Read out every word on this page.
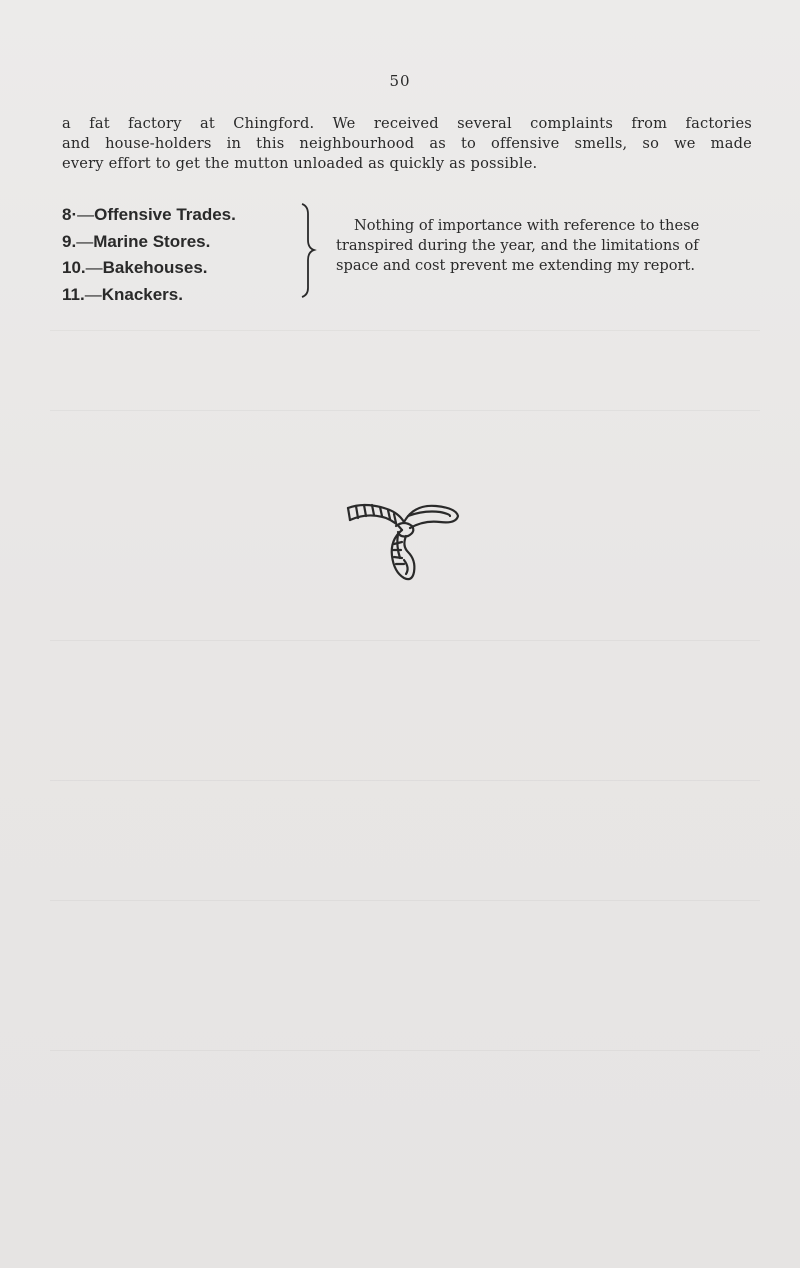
50
a fat factory at Chingford. We received several complaints from factories
and house-holders in this neighbourhood as to offensive smells, so we made
every effort to get the mutton unloaded as quickly as possible.
8·—Offensive Trades.
9.—Marine Stores.
10.—Bakehouses.
11.—Knackers.
Nothing of importance with reference to these
transpired during the year, and the limitations of
space and cost prevent me extending my report.
